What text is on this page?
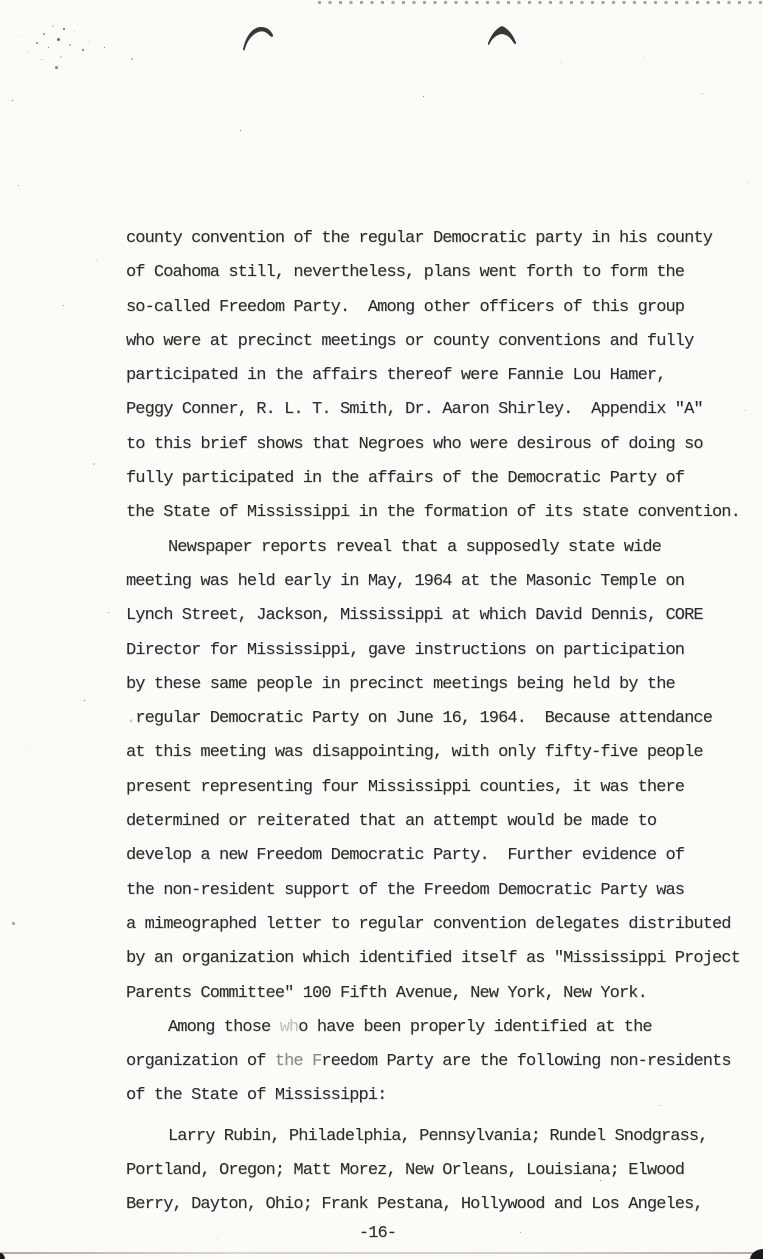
county convention of the regular Democratic party in his county
of Coahoma still, nevertheless, plans went forth to form the
so-called Freedom Party.  Among other officers of this group
who were at precinct meetings or county conventions and fully
participated in the affairs thereof were Fannie Lou Hamer,
Peggy Conner, R. L. T. Smith, Dr. Aaron Shirley.  Appendix "A"
to this brief shows that Negroes who were desirous of doing so
fully participated in the affairs of the Democratic Party of
the State of Mississippi in the formation of its state convention.
Newspaper reports reveal that a supposedly state wide
meeting was held early in May, 1964 at the Masonic Temple on
Lynch Street, Jackson, Mississippi at which David Dennis, CORE
Director for Mississippi, gave instructions on participation
by these same people in precinct meetings being held by the
.regular Democratic Party on June 16, 1964.  Because attendance
at this meeting was disappointing, with only fifty-five people
present representing four Mississippi counties, it was there
determined or reiterated that an attempt would be made to
develop a new Freedom Democratic Party.  Further evidence of
the non-resident support of the Freedom Democratic Party was
a mimeographed letter to regular convention delegates distributed
by an organization which identified itself as "Mississippi Project
Parents Committee" 100 Fifth Avenue, New York, New York.
Among those who have been properly identified at the
organization of the Freedom Party are the following non-residents
of the State of Mississippi:
Larry Rubin, Philadelphia, Pennsylvania; Rundel Snodgrass,
Portland, Oregon; Matt Morez, New Orleans, Louisiana; Elwood
Berry, Dayton, Ohio; Frank Pestana, Hollywood and Los Angeles,
-16-
